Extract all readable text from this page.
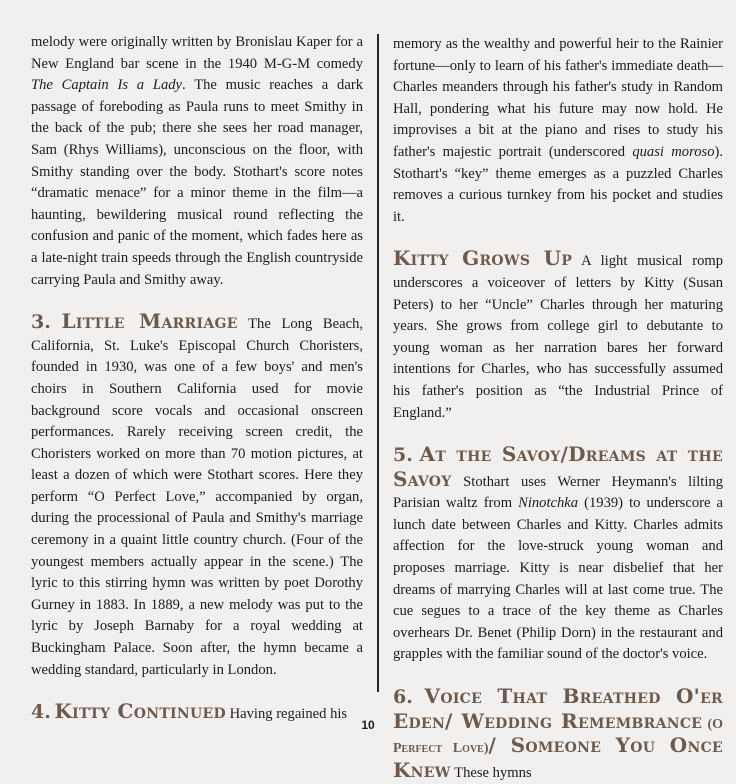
melody were originally written by Bronislau Kaper for a New England bar scene in the 1940 M-G-M comedy The Captain Is a Lady. The music reaches a dark passage of foreboding as Paula runs to meet Smithy in the back of the pub; there she sees her road manager, Sam (Rhys Williams), unconscious on the floor, with Smithy standing over the body. Stothart's score notes “dramatic menace” for a minor theme in the film—a haunting, bewildering musical round reflecting the confusion and panic of the moment, which fades here as a late-night train speeds through the English countryside carrying Paula and Smithy away.

3. Little Marriage The Long Beach, California, St. Luke's Episcopal Church Choristers, founded in 1930, was one of a few boys' and men's choirs in Southern California used for movie background score vocals and occasional onscreen performances. Rarely receiving screen credit, the Choristers worked on more than 70 motion pictures, at least a dozen of which were Stothart scores. Here they perform “O Perfect Love,” accompanied by organ, during the processional of Paula and Smithy's marriage ceremony in a quaint little country church. (Four of the youngest members actually appear in the scene.) The lyric to this stirring hymn was written by poet Dorothy Gurney in 1883. In 1889, a new melody was put to the lyric by Joseph Barnaby for a royal wedding at Buckingham Palace. Soon after, the hymn became a wedding standard, particularly in London.

4. Kitty Continued Having regained his

memory as the wealthy and powerful heir to the Rainier fortune—only to learn of his father's immediate death—Charles meanders through his father's study in Random Hall, pondering what his future may now hold. He improvises a bit at the piano and rises to study his father's majestic portrait (underscored quasi moroso). Stothart's “key” theme emerges as a puzzled Charles removes a curious turnkey from his pocket and studies it.

Kitty Grows Up A light musical romp underscores a voiceover of letters by Kitty (Susan Peters) to her “Uncle” Charles through her maturing years. She grows from college girl to debutante to young woman as her narration bares her forward intentions for Charles, who has successfully assumed his father's position as “the Industrial Prince of England.”

5. At the Savoy/Dreams at the Savoy Stothart uses Werner Heymann's lilting Parisian waltz from Ninotchka (1939) to underscore a lunch date between Charles and Kitty. Charles admits affection for the love-struck young woman and proposes marriage. Kitty is near disbelief that her dreams of marrying Charles will at last come true. The cue segues to a trace of the key theme as Charles overhears Dr. Benet (Philip Dorn) in the restaurant and grapples with the familiar sound of the doctor's voice.

6. Voice That Breathed O'er Eden/ Wedding Remembrance (O Perfect Love)/ Someone You Once Knew These hymns

10
